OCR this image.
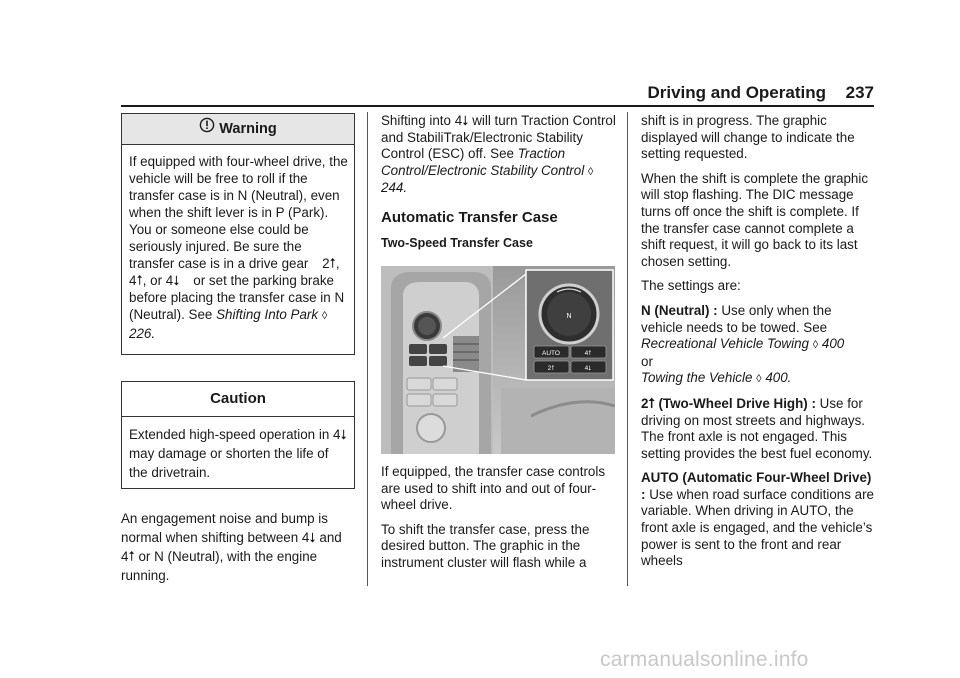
Driving and Operating 237
Warning
If equipped with four-wheel drive, the vehicle will be free to roll if the transfer case is in N (Neutral), even when the shift lever is in P (Park). You or someone else could be seriously injured. Be sure the transfer case is in a drive gear 2⭡, 4⭡, or 4⭣ or set the parking brake before placing the transfer case in N (Neutral). See Shifting Into Park ◊ 226.
Caution
Extended high-speed operation in 4⭣ may damage or shorten the life of the drivetrain.

An engagement noise and bump is normal when shifting between 4⭣ and 4⭡ or N (Neutral), with the engine running.

Shifting into 4⭣ will turn Traction Control and StabiliTrak/Electronic Stability Control (ESC) off. See Traction Control/Electronic Stability Control ◊ 244.

Automatic Transfer Case
Two-Speed Transfer Case
N
AUTO	4⭡
2⭡	4⭣

If equipped, the transfer case controls are used to shift into and out of four-wheel drive.

To shift the transfer case, press the desired button. The graphic in the instrument cluster will flash while a

shift is in progress. The graphic displayed will change to indicate the setting requested.

When the shift is complete the graphic will stop flashing. The DIC message turns off once the shift is complete. If the transfer case cannot complete a shift request, it will go back to its last chosen setting.

The settings are:

N (Neutral) : Use only when the vehicle needs to be towed. See
Recreational Vehicle Towing ◊ 400
or
Towing the Vehicle ◊ 400.

2⭡ (Two-Wheel Drive High) : Use for driving on most streets and highways. The front axle is not engaged. This setting provides the best fuel economy.

AUTO (Automatic Four-Wheel Drive) : Use when road surface conditions are variable. When driving in AUTO, the front axle is engaged, and the vehicle’s power is sent to the front and rear wheels

carmanualsonline.info
